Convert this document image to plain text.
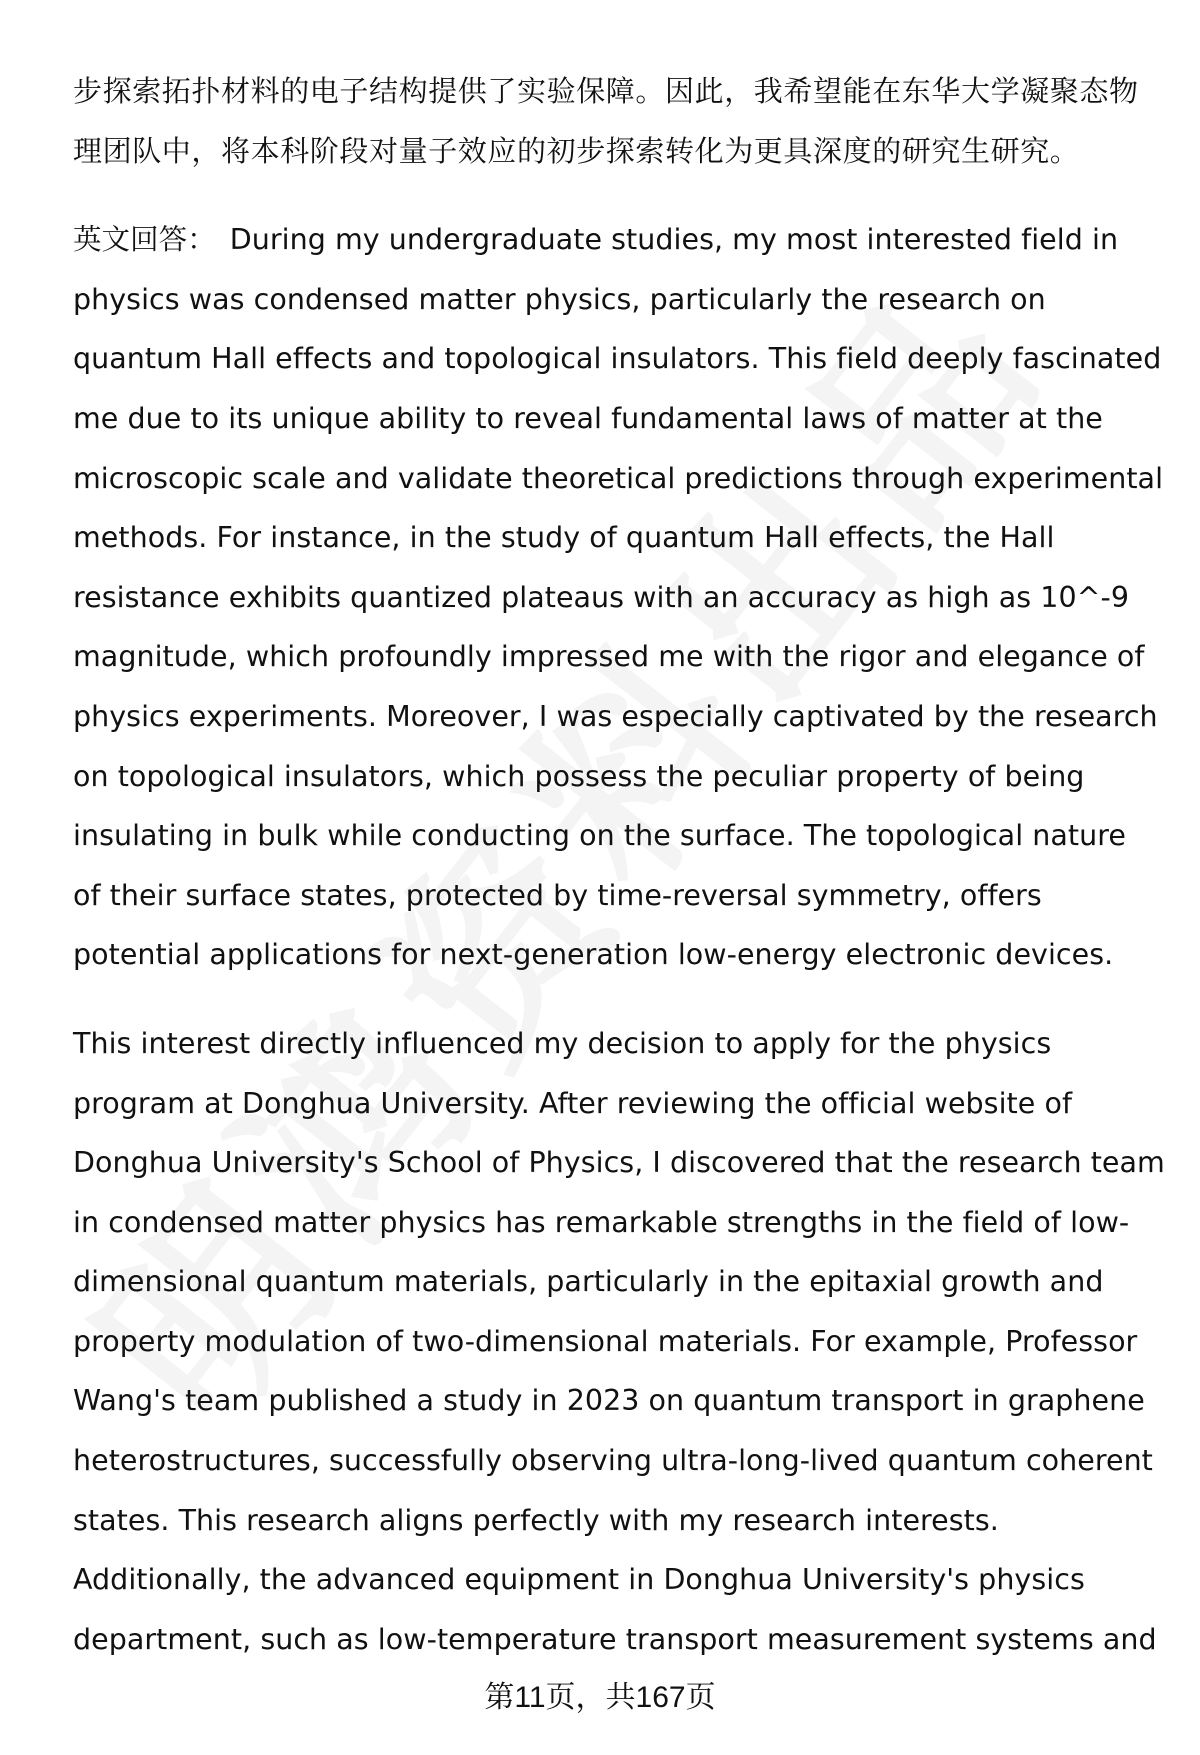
步探索拓扑材料的电子结构提供了实验保障。因此，我希望能在东华大学凝聚态物
理团队中，将本科阶段对量子效应的初步探索转化为更具深度的研究生研究。
英文回答： During my undergraduate studies, my most interested field in
physics was condensed matter physics, particularly the research on
quantum Hall effects and topological insulators. This field deeply fascinated
me due to its unique ability to reveal fundamental laws of matter at the
microscopic scale and validate theoretical predictions through experimental
methods. For instance, in the study of quantum Hall effects, the Hall
resistance exhibits quantized plateaus with an accuracy as high as 10^-9
magnitude, which profoundly impressed me with the rigor and elegance of
physics experiments. Moreover, I was especially captivated by the research
on topological insulators, which possess the peculiar property of being
insulating in bulk while conducting on the surface. The topological nature
of their surface states, protected by time-reversal symmetry, offers
potential applications for next-generation low-energy electronic devices.
This interest directly influenced my decision to apply for the physics
program at Donghua University. After reviewing the official website of
Donghua University's School of Physics, I discovered that the research team
in condensed matter physics has remarkable strengths in the field of low-
dimensional quantum materials, particularly in the epitaxial growth and
property modulation of two-dimensional materials. For example, Professor
Wang's team published a study in 2023 on quantum transport in graphene
heterostructures, successfully observing ultra-long-lived quantum coherent
states. This research aligns perfectly with my research interests.
Additionally, the advanced equipment in Donghua University's physics
department, such as low-temperature transport measurement systems and
第11页，共167页
